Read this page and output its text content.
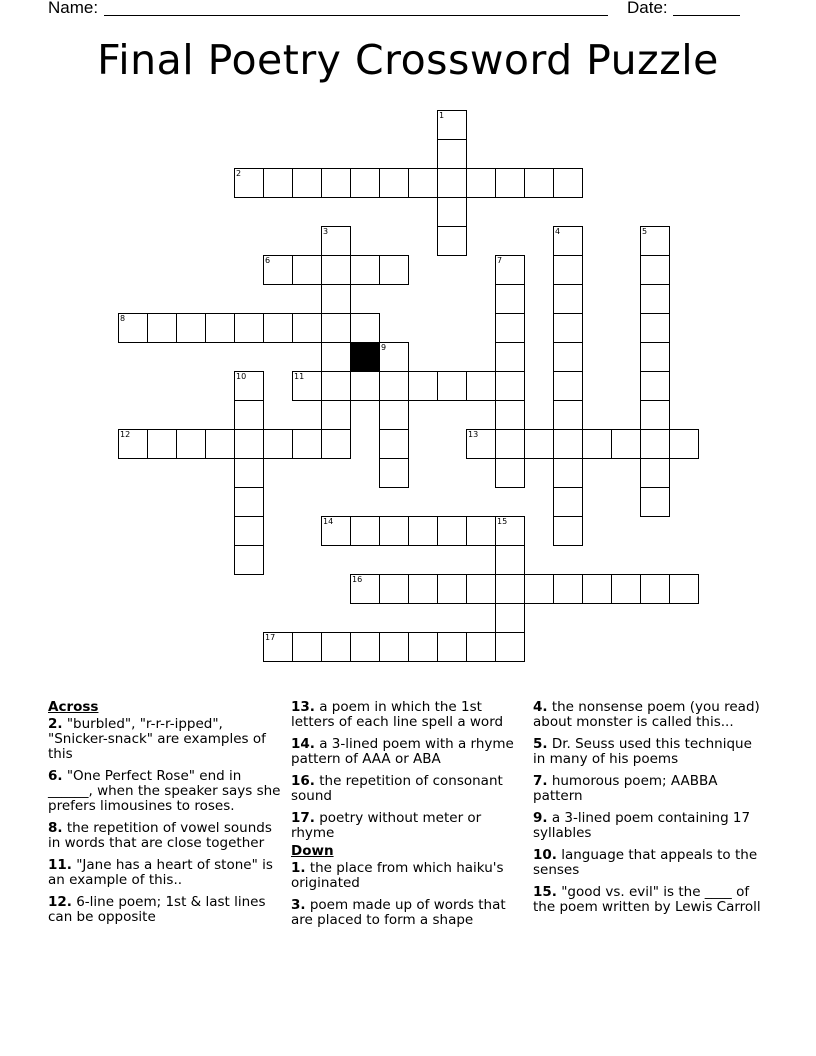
Name:	Date:
Final Poetry Crossword Puzzle
1
2
3	4	5
6	7
8
9
10	11
12	13
14	15
16
17
Across
2. "burbled", "r-r-r-ipped", "Snicker-snack" are examples of this
6. "One Perfect Rose" end in ______, when the speaker says she prefers limousines to roses.
8. the repetition of vowel sounds in words that are close together
11. "Jane has a heart of stone" is an example of this..
12. 6-line poem; 1st & last lines can be opposite
13. a poem in which the 1st letters of each line spell a word
14. a 3-lined poem with a rhyme pattern of AAA or ABA
16. the repetition of consonant sound
17. poetry without meter or rhyme
Down
1. the place from which haiku's originated
3. poem made up of words that are placed to form a shape
4. the nonsense poem (you read) about monster is called this...
5. Dr. Seuss used this technique in many of his poems
7. humorous poem; AABBA pattern
9. a 3-lined poem containing 17 syllables
10. language that appeals to the senses
15. "good vs. evil" is the ____ of the poem written by Lewis Carroll
